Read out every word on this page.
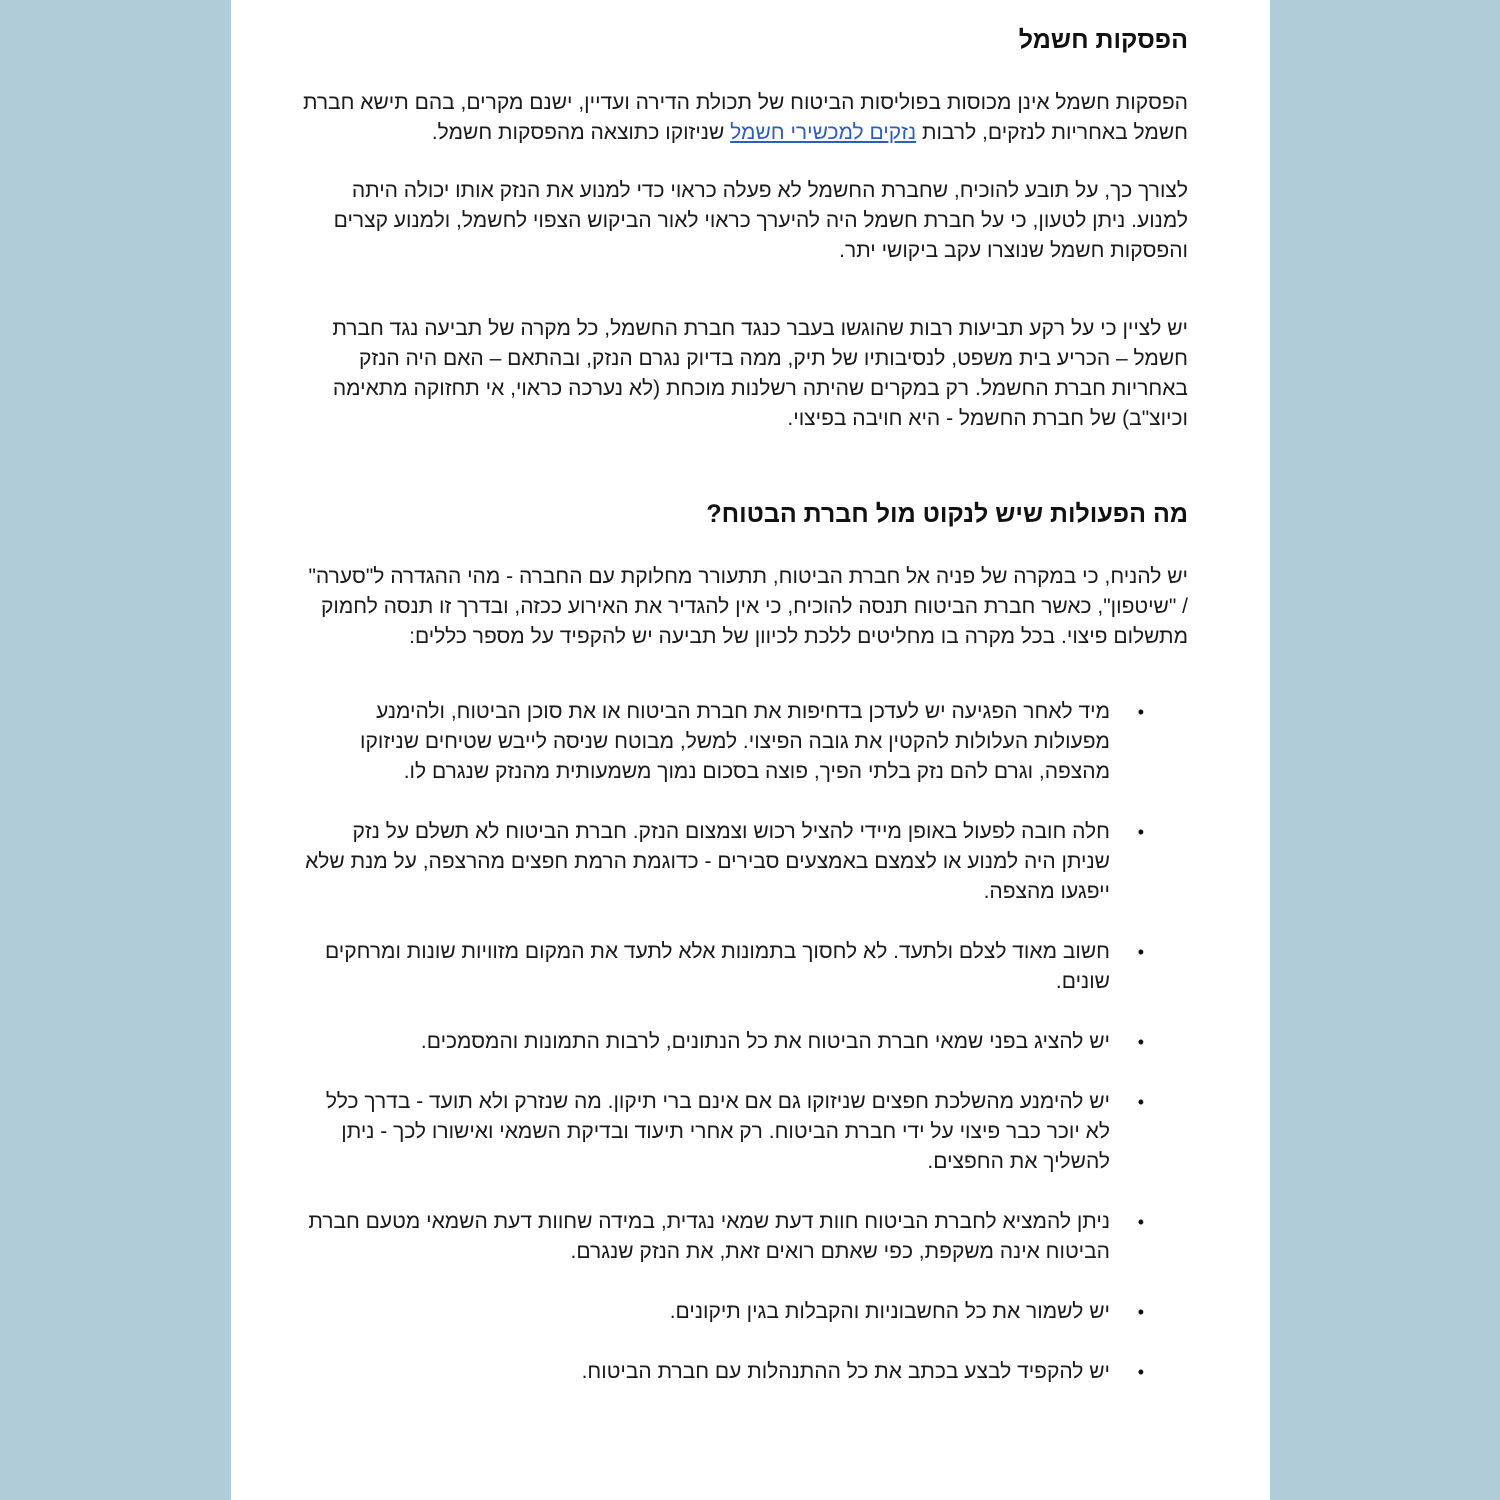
הפסקות חשמל

הפסקות חשמל אינן מכוסות בפוליסות הביטוח של תכולת הדירה ועדיין, ישנם מקרים, בהם תישא חברת חשמל באחריות לנזקים, לרבות נזקים למכשירי חשמל שניזוקו כתוצאה מהפסקות חשמל.

לצורך כך, על תובע להוכיח, שחברת החשמל לא פעלה כראוי כדי למנוע את הנזק אותו יכולה היתה למנוע. ניתן לטעון, כי על חברת חשמל היה להיערך כראוי לאור הביקוש הצפוי לחשמל, ולמנוע קצרים והפסקות חשמל שנוצרו עקב ביקושי יתר.

יש לציין כי על רקע תביעות רבות שהוגשו בעבר כנגד חברת החשמל, כל מקרה של תביעה נגד חברת חשמל – הכריע בית משפט, לנסיבותיו של תיק, ממה בדיוק נגרם הנזק, ובהתאם – האם היה הנזק באחריות חברת החשמל. רק במקרים שהיתה רשלנות מוכחת (לא נערכה כראוי, אי תחזוקה מתאימה וכיוצ"ב) של חברת החשמל - היא חויבה בפיצוי.

מה הפעולות שיש לנקוט מול חברת הבטוח?

יש להניח, כי במקרה של פניה אל חברת הביטוח, תתעורר מחלוקת עם החברה - מהי ההגדרה ל"סערה" / "שיטפון", כאשר חברת הביטוח תנסה להוכיח, כי אין להגדיר את האירוע ככזה, ובדרך זו תנסה לחמוק מתשלום פיצוי. בכל מקרה בו מחליטים ללכת לכיוון של תביעה יש להקפיד על מספר כללים:

•
מיד לאחר הפגיעה יש לעדכן בדחיפות את חברת הביטוח או את סוכן הביטוח, ולהימנע מפעולות העלולות להקטין את גובה הפיצוי. למשל, מבוטח שניסה לייבש שטיחים שניזוקו מהצפה, וגרם להם נזק בלתי הפיך, פוצה בסכום נמוך משמעותית מהנזק שנגרם לו.
•
חלה חובה לפעול באופן מיידי להציל רכוש וצמצום הנזק. חברת הביטוח לא תשלם על נזק שניתן היה למנוע או לצמצם באמצעים סבירים - כדוגמת הרמת חפצים מהרצפה, על מנת שלא ייפגעו מהצפה.
•
חשוב מאוד לצלם ולתעד. לא לחסוך בתמונות אלא לתעד את המקום מזוויות שונות ומרחקים שונים.
•
יש להציג בפני שמאי חברת הביטוח את כל הנתונים, לרבות התמונות והמסמכים.
•
יש להימנע מהשלכת חפצים שניזוקו גם אם אינם ברי תיקון. מה שנזרק ולא תועד - בדרך כלל לא יוכר כבר פיצוי על ידי חברת הביטוח. רק אחרי תיעוד ובדיקת השמאי ואישורו לכך - ניתן להשליך את החפצים.
•
ניתן להמציא לחברת הביטוח חוות דעת שמאי נגדית, במידה שחוות דעת השמאי מטעם חברת הביטוח אינה משקפת, כפי שאתם רואים זאת, את הנזק שנגרם.
•
יש לשמור את כל החשבוניות והקבלות בגין תיקונים.
•
יש להקפיד לבצע בכתב את כל ההתנהלות עם חברת הביטוח.
